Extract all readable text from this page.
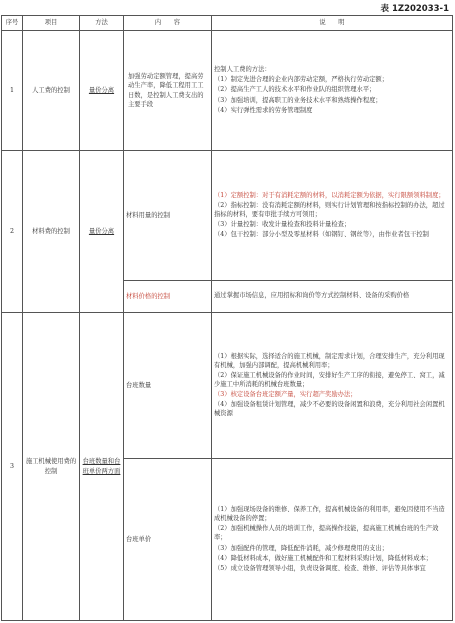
表 1Z202033-1
序号	项目	方法	内　　容	说　　明
1	人工费的控制	量价分离	加强劳动定额管理，提高劳动生产率，降低工程用工工日数，是控制人工费支出的主要手段	控制人工费的方法：

（1）制定先进合理的企业内部劳动定额，严格执行劳动定额；

（2）提高生产工人的技术水平和作业队的组织管理水平；

（3）加强培训，提高职工的业务技术水平和熟练操作程度；

（4）实行弹性需求的劳务管理制度

2	材料费的控制	量价分离	材料用量的控制	（1）定额控制：对于有消耗定额的材料，以消耗定额为依据，实行限额领料制度；

（2）指标控制：没有消耗定额的材料，则实行计划管理和按指标控制的办法，超过指标的材料，要有审批手续方可领用；

（3）计量控制：收发计量检查和投料计量检查；

（4）包干控制：部分小型及零星材料（如钢钉、钢丝等），由作业者包干控制

			材料价格的控制	通过掌握市场信息，应用招标和询价等方式控制材料、设备的采购价格

3	施工机械使用费的控制	台班数量和台班单价两方面	台班数量	（1）根据实际，选择适合的施工机械，制定需求计划，合理安排生产，充分利用现有机械，加强内部调配，提高机械利用率；

（2）保证施工机械设备的作业时间，安排好生产工序的衔接，避免停工、窝工，减少施工中所消耗的机械台班数量；

（3）核定设备台班定额产量，实行超产奖励办法；

（4）加强设备租赁计划管理，减少不必要的设备闲置和浪费，充分利用社会闲置机械资源

			台班单价	（1）加强现场设备的维修、保养工作，提高机械设备的利用率，避免因使用不当造成机械设备的停置；

（2）加强机械操作人员的培训工作，提高操作技能，提高施工机械台班的生产效率；

（3）加强配件的管理，降低配件消耗，减少修理费用的支出；

（4）降低材料成本，做好施工机械配件和工程材料采购计划，降低材料成本；

（5）成立设备管理领导小组，负责设备调度、检查、维修、评估等具体事宜
